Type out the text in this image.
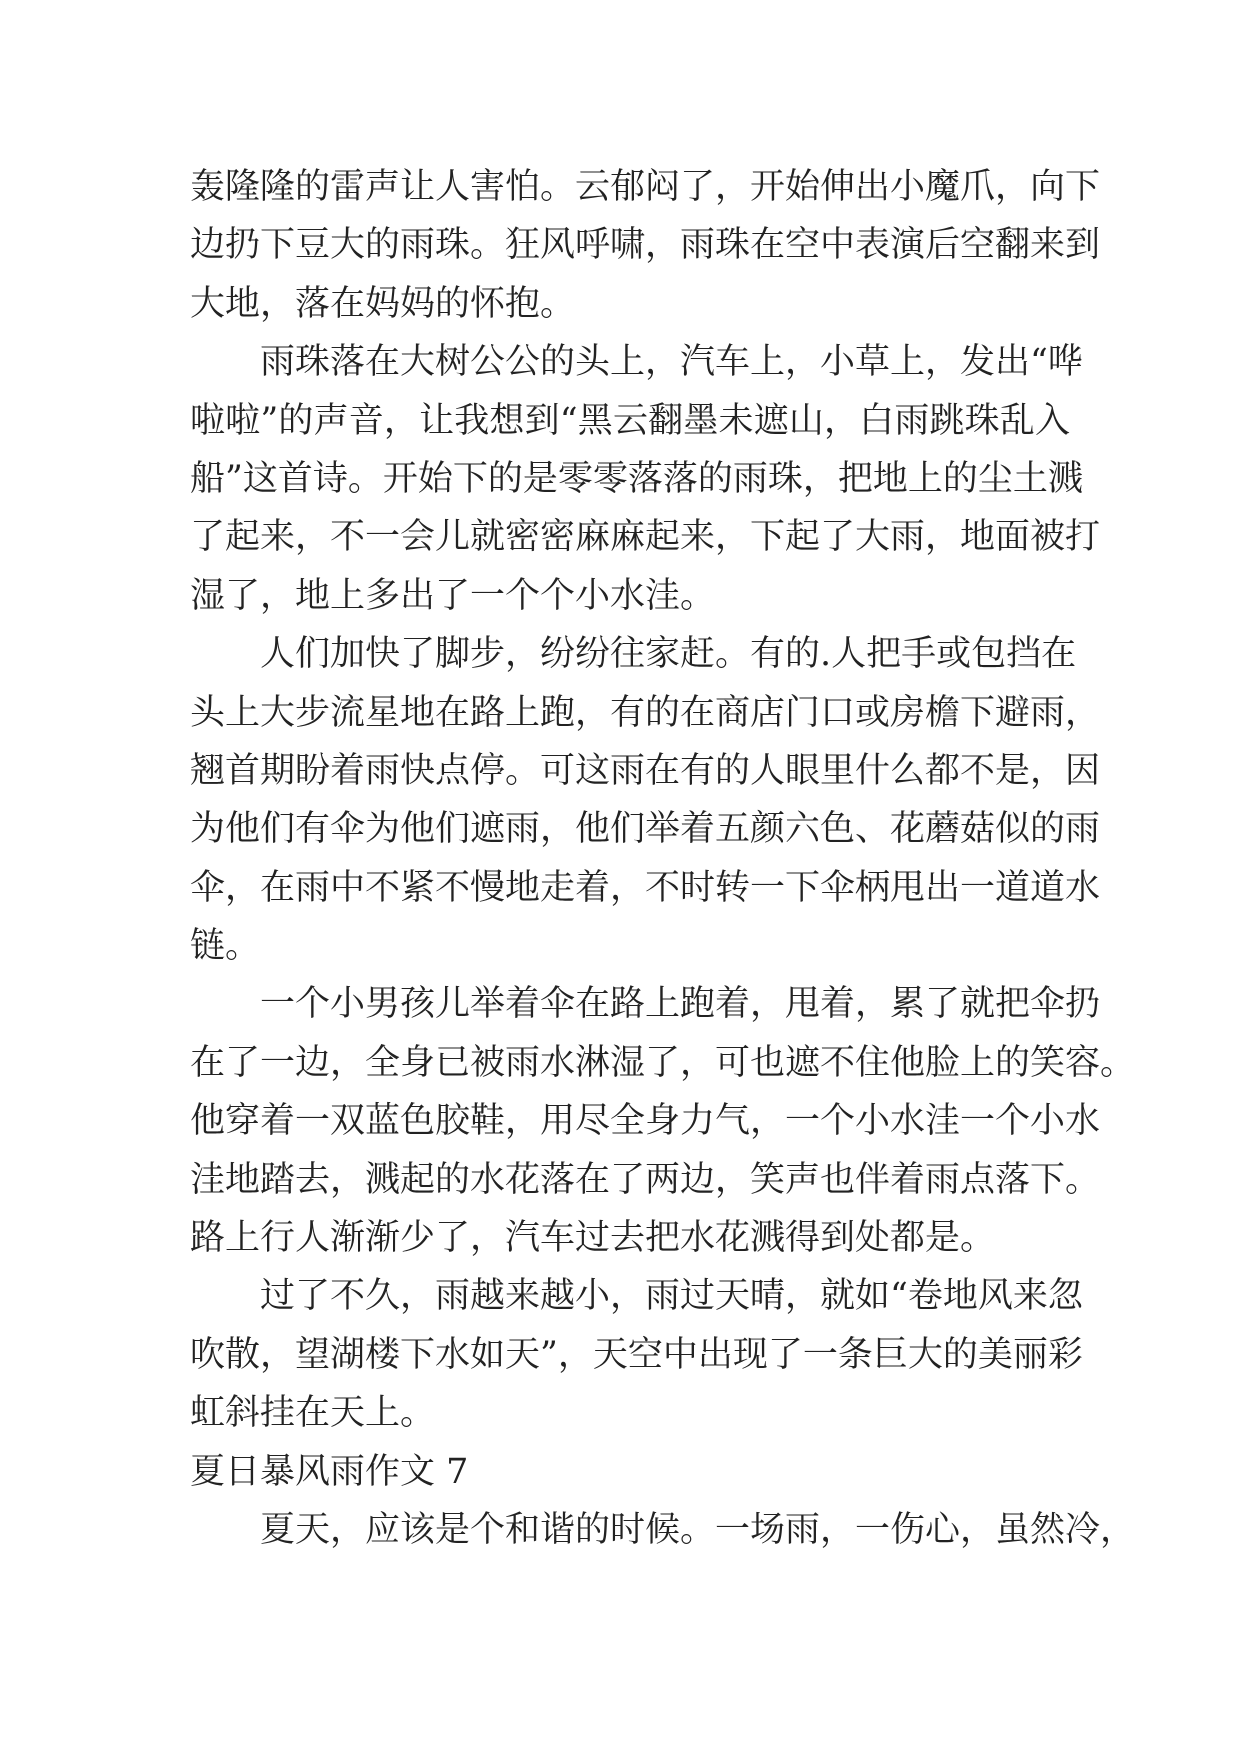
轰隆隆的雷声让人害怕。云郁闷了，开始伸出小魔爪，向下
边扔下豆大的雨珠。狂风呼啸，雨珠在空中表演后空翻来到
大地，落在妈妈的怀抱。
雨珠落在大树公公的头上，汽车上，小草上，发出“哗
啦啦”的声音，让我想到“黑云翻墨未遮山，白雨跳珠乱入
船”这首诗。开始下的是零零落落的雨珠，把地上的尘土溅
了起来，不一会儿就密密麻麻起来，下起了大雨，地面被打
湿了，地上多出了一个个小水洼。
人们加快了脚步，纷纷往家赶。有的.人把手或包挡在
头上大步流星地在路上跑，有的在商店门口或房檐下避雨，
翘首期盼着雨快点停。可这雨在有的人眼里什么都不是，因
为他们有伞为他们遮雨，他们举着五颜六色、花蘑菇似的雨
伞，在雨中不紧不慢地走着，不时转一下伞柄甩出一道道水
链。
一个小男孩儿举着伞在路上跑着，甩着，累了就把伞扔
在了一边，全身已被雨水淋湿了，可也遮不住他脸上的笑容。
他穿着一双蓝色胶鞋，用尽全身力气，一个小水洼一个小水
洼地踏去，溅起的水花落在了两边，笑声也伴着雨点落下。
路上行人渐渐少了，汽车过去把水花溅得到处都是。
过了不久，雨越来越小，雨过天晴，就如“卷地风来忽
吹散，望湖楼下水如天”，天空中出现了一条巨大的美丽彩
虹斜挂在天上。
夏日暴风雨作文 7
夏天，应该是个和谐的时候。一场雨，一伤心，虽然冷，
